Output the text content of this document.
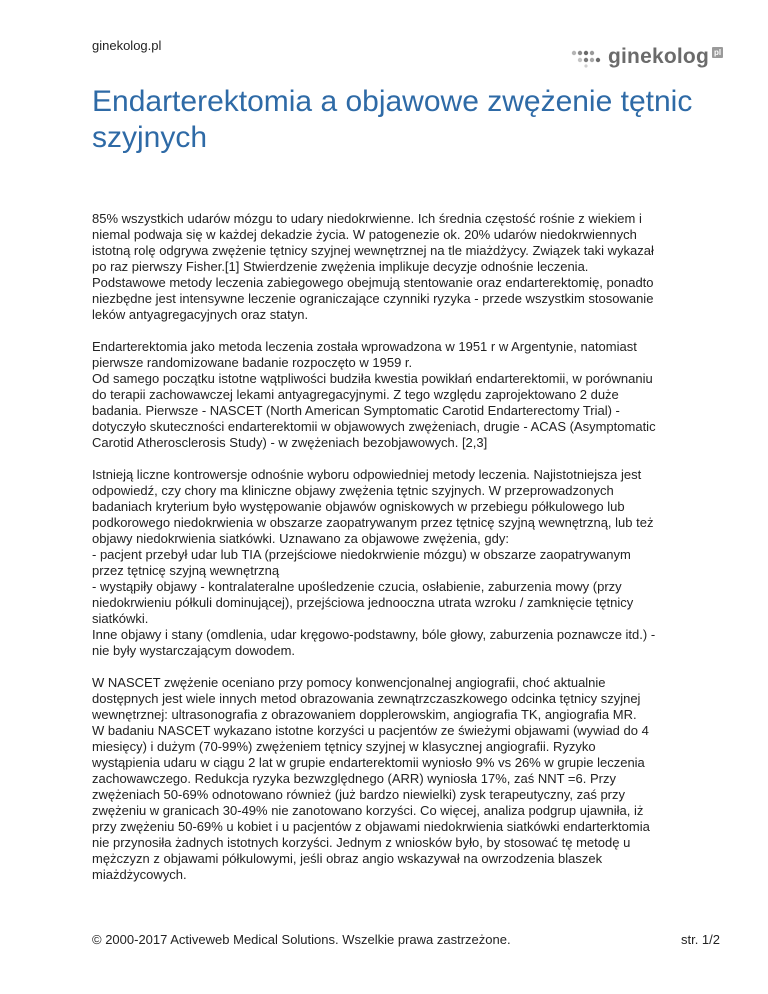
ginekolog.pl	ginekolog pl
Endarterektomia a objawowe zwężenie tętnic szyjnych

85% wszystkich udarów mózgu to udary niedokrwienne. Ich średnia częstość rośnie z wiekiem i
niemal podwaja się w każdej dekadzie życia. W patogenezie ok. 20% udarów niedokrwiennych
istotną rolę odgrywa zwężenie tętnicy szyjnej wewnętrznej na tle miażdżycy. Związek taki wykazał
po raz pierwszy Fisher.[1] Stwierdzenie zwężenia implikuje decyzje odnośnie leczenia.
Podstawowe metody leczenia zabiegowego obejmują stentowanie oraz endarterektomię, ponadto
niezbędne jest intensywne leczenie ograniczające czynniki ryzyka - przede wszystkim stosowanie
leków antyagregacyjnych oraz statyn.

Endarterektomia jako metoda leczenia została wprowadzona w 1951 r w Argentynie, natomiast
pierwsze randomizowane badanie rozpoczęto w 1959 r.
Od samego początku istotne wątpliwości budziła kwestia powikłań endarterektomii, w porównaniu
do terapii zachowawczej lekami antyagregacyjnymi. Z tego względu zaprojektowano 2 duże
badania. Pierwsze - NASCET (North American Symptomatic Carotid Endarterectomy Trial) -
dotyczyło skuteczności endarterektomii w objawowych zwężeniach, drugie - ACAS (Asymptomatic
Carotid Atherosclerosis Study) - w zwężeniach bezobjawowych. [2,3]

Istnieją liczne kontrowersje odnośnie wyboru odpowiedniej metody leczenia. Najistotniejsza jest
odpowiedź, czy chory ma kliniczne objawy zwężenia tętnic szyjnych. W przeprowadzonych
badaniach kryterium było występowanie objawów ogniskowych w przebiegu półkulowego lub
podkorowego niedokrwienia w obszarze zaopatrywanym przez tętnicę szyjną wewnętrzną, lub też
objawy niedokrwienia siatkówki. Uznawano za objawowe zwężenia, gdy:
- pacjent przebył udar lub TIA (przejściowe niedokrwienie mózgu) w obszarze zaopatrywanym
przez tętnicę szyjną wewnętrzną
- wystąpiły objawy - kontralateralne upośledzenie czucia, osłabienie, zaburzenia mowy (przy
niedokrwieniu półkuli dominującej), przejściowa jednooczna utrata wzroku / zamknięcie tętnicy
siatkówki.
Inne objawy i stany (omdlenia, udar kręgowo-podstawny, bóle głowy, zaburzenia poznawcze itd.) -
nie były wystarczającym dowodem.

W NASCET zwężenie oceniano przy pomocy konwencjonalnej angiografii, choć aktualnie
dostępnych jest wiele innych metod obrazowania zewnątrzczaszkowego odcinka tętnicy szyjnej
wewnętrznej: ultrasonografia z obrazowaniem dopplerowskim, angiografia TK, angiografia MR.
W badaniu NASCET wykazano istotne korzyści u pacjentów ze świeżymi objawami (wywiad do 4
miesięcy) i dużym (70-99%) zwężeniem tętnicy szyjnej w klasycznej angiografii. Ryzyko
wystąpienia udaru w ciągu 2 lat w grupie endarterektomii wyniosło 9% vs 26% w grupie leczenia
zachowawczego. Redukcja ryzyka bezwzględnego (ARR) wyniosła 17%, zaś NNT =6. Przy
zwężeniach 50-69% odnotowano również (już bardzo niewielki) zysk terapeutyczny, zaś przy
zwężeniu w granicach 30-49% nie zanotowano korzyści. Co więcej, analiza podgrup ujawniła, iż
przy zwężeniu 50-69% u kobiet i u pacjentów z objawami niedokrwienia siatkówki endarterktomia
nie przynosiła żadnych istotnych korzyści. Jednym z wniosków było, by stosować tę metodę u
mężczyzn z objawami półkulowymi, jeśli obraz angio wskazywał na owrzodzenia blaszek
miażdżycowych.

© 2000-2017 Activeweb Medical Solutions. Wszelkie prawa zastrzeżone.	str. 1/2
